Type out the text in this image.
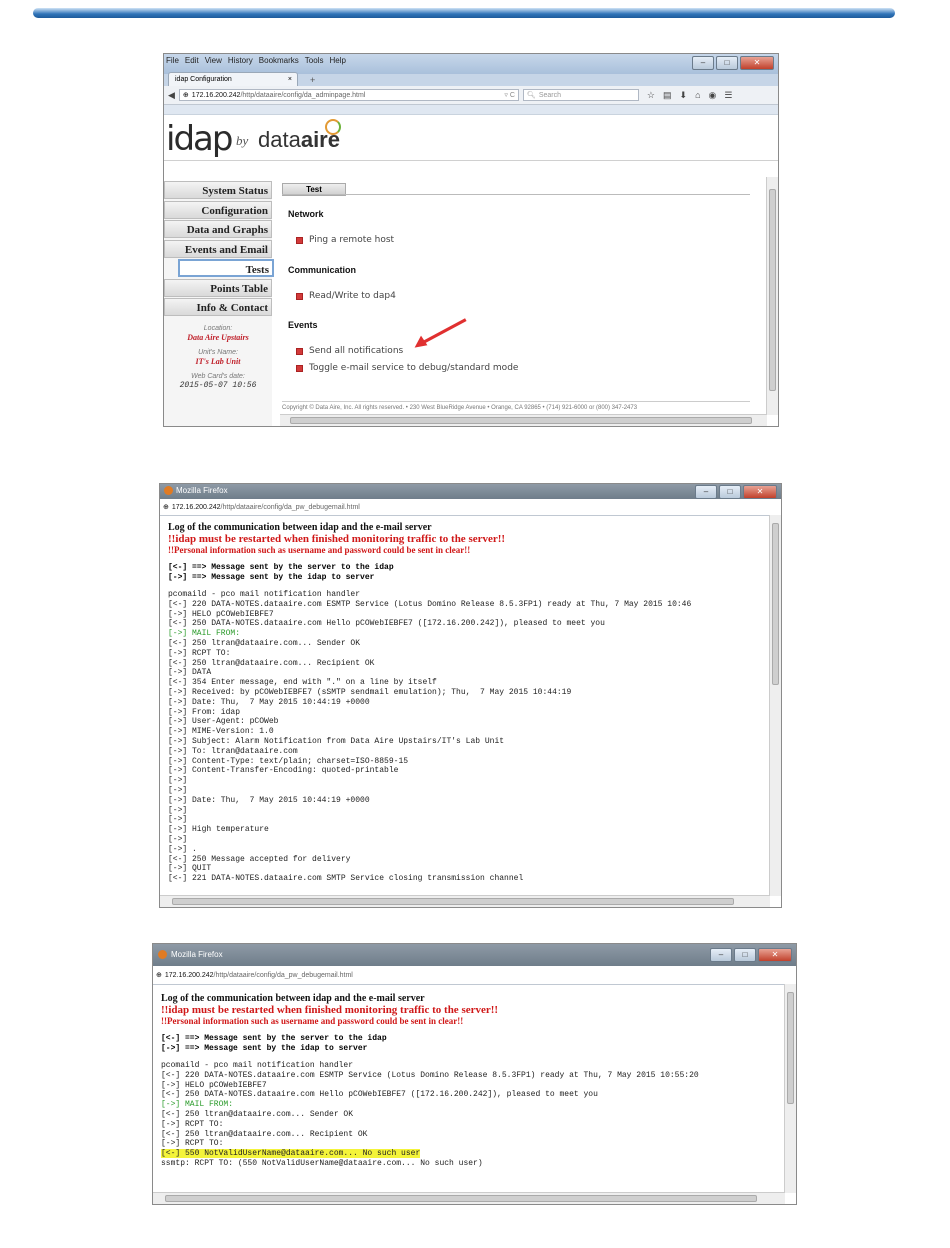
File Edit View History Bookmarks Tools Help	–	□	✕
idap Configuration	× +
◀ ⊕ 172.16.200.242 /http/dataaire/config/da_adminpage.html	▿ C 🔍︎ Search	☆ ▤ ⬇ ⌂ ◉ ☰
idap by dataaire
System Status
Configuration
Data and Graphs
Events and Email
Tests
Points Table
Info & Contact
Location:
Data Aire Upstairs
Unit's Name:
IT's Lab Unit
Web Card's date:
2015-05-07 10:56
Test
Network
Ping a remote host
Communication
Read/Write to dap4
Events
Send all notifications
Toggle e-mail service to debug/standard mode
Copyright © Data Aire, Inc. All rights reserved. • 230 West BlueRidge Avenue • Orange, CA 92865 • (714) 921-6000 or (800) 347-2473
Mozilla Firefox	–	□	✕
⊕ 172.16.200.242 /http/dataaire/config/da_pw_debugemail.html

Log of the communication between idap and the e-mail server

!!idap must be restarted when finished monitoring traffic to the server!!

!!Personal information such as username and password could be sent in clear!!

[<-] ==> Message sent by the server to the idap
[->] ==> Message sent by the idap to server
pcomaild - pco mail notification handler
[<-] 220 DATA-NOTES.dataaire.com ESMTP Service (Lotus Domino Release 8.5.3FP1) ready at Thu, 7 May 2015 10:46
[->] HELO pCOWebIEBFE7
[<-] 250 DATA-NOTES.dataaire.com Hello pCOWebIEBFE7 ([172.16.200.242]), pleased to meet you
[->] MAIL FROM:
[<-] 250 ltran@dataaire.com... Sender OK
[->] RCPT TO:
[<-] 250 ltran@dataaire.com... Recipient OK
[->] DATA
[<-] 354 Enter message, end with "." on a line by itself
[->] Received: by pCOWebIEBFE7 (sSMTP sendmail emulation); Thu,  7 May 2015 10:44:19
[->] Date: Thu,  7 May 2015 10:44:19 +0000
[->] From: idap
[->] User-Agent: pCOWeb
[->] MIME-Version: 1.0
[->] Subject: Alarm Notification from Data Aire Upstairs/IT's Lab Unit
[->] To: ltran@dataaire.com
[->] Content-Type: text/plain; charset=ISO-8859-15
[->] Content-Transfer-Encoding: quoted-printable
[->]
[->]
[->] Date: Thu,  7 May 2015 10:44:19 +0000
[->]
[->]
[->] High temperature
[->]
[->] .
[<-] 250 Message accepted for delivery
[->] QUIT
[<-] 221 DATA-NOTES.dataaire.com SMTP Service closing transmission channel
Mozilla Firefox	–	□	✕
⊕ 172.16.200.242 /http/dataaire/config/da_pw_debugemail.html

Log of the communication between idap and the e-mail server

!!idap must be restarted when finished monitoring traffic to the server!!

!!Personal information such as username and password could be sent in clear!!

[<-] ==> Message sent by the server to the idap
[->] ==> Message sent by the idap to server
pcomaild - pco mail notification handler
[<-] 220 DATA-NOTES.dataaire.com ESMTP Service (Lotus Domino Release 8.5.3FP1) ready at Thu, 7 May 2015 10:55:20
[->] HELO pCOWebIEBFE7
[<-] 250 DATA-NOTES.dataaire.com Hello pCOWebIEBFE7 ([172.16.200.242]), pleased to meet you
[->] MAIL FROM:
[<-] 250 ltran@dataaire.com... Sender OK
[->] RCPT TO:
[<-] 250 ltran@dataaire.com... Recipient OK
[->] RCPT TO:
[<-] 550 NotValidUserName@dataaire.com... No such user
ssmtp: RCPT TO: (550 NotValidUserName@dataaire.com... No such user)
